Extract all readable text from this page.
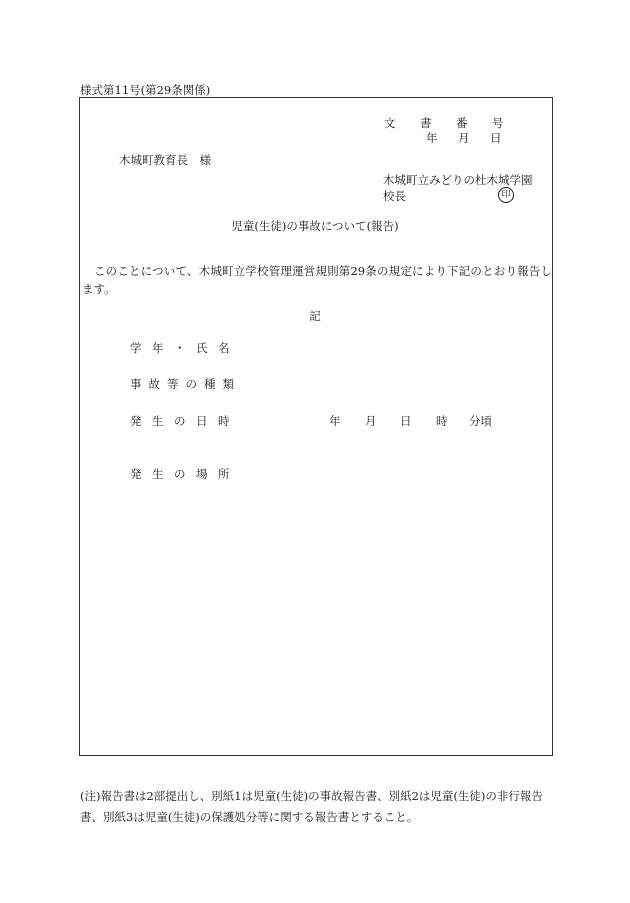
様式第11号(第29条関係)
文 書 番 号
年 月 日
木城町教育長　様
木城町立みどりの杜木城学園
校長	印
児童(生徒)の事故について(報告)
このことについて、木城町立学校管理運営規則第29条の規定により下記のとおり報告します。
記
学 年 ・ 氏 名
事 故 等 の 種 類
発 生 の 日 時	年 月 日 時 分頃
発 生 の 場 所
(注)報告書は2部提出し、別紙1は児童(生徒)の事故報告書、別紙2は児童(生徒)の非行報告書、別紙3は児童(生徒)の保護処分等に関する報告書とすること。
